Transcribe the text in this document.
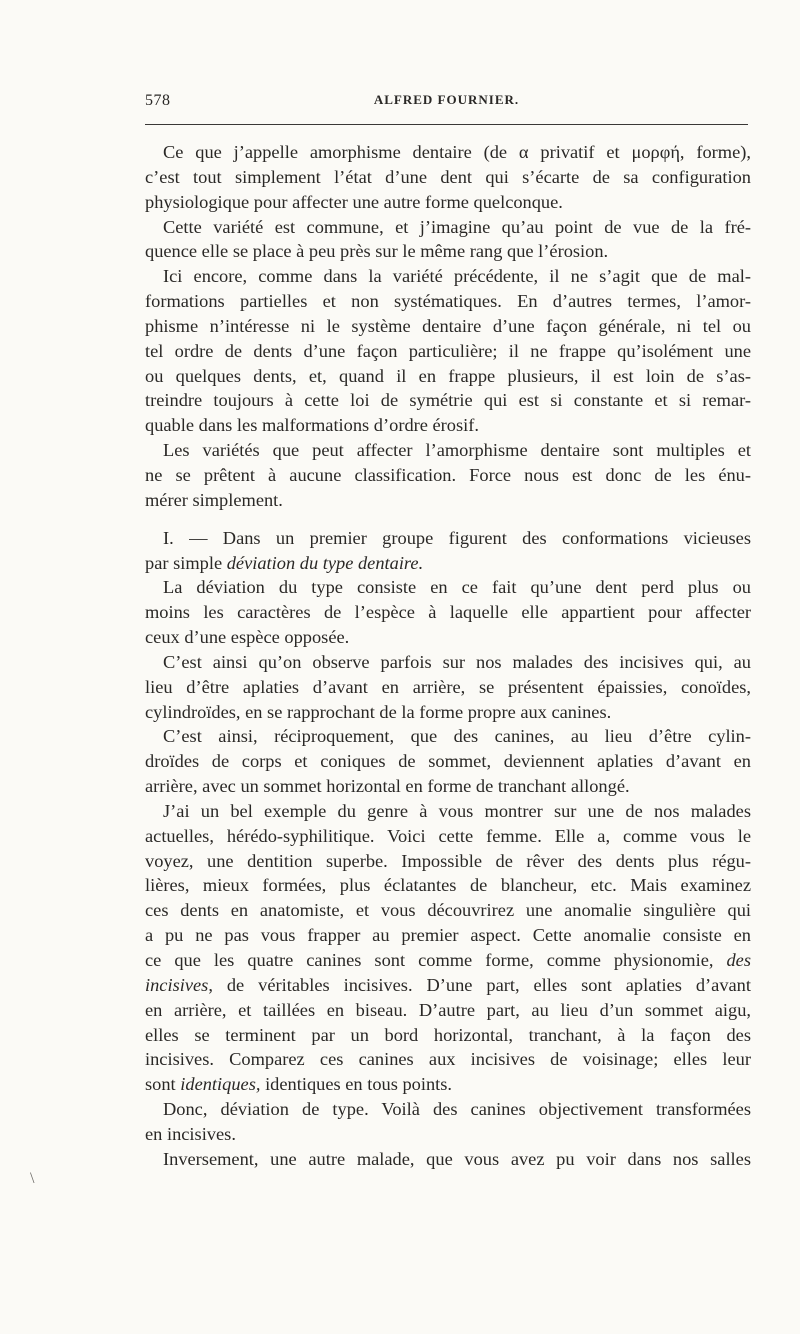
578	ALFRED FOURNIER.
Ce que j’appelle amorphisme dentaire (de α privatif et μορφή, forme),
c’est tout simplement l’état d’une dent qui s’écarte de sa configuration
physiologique pour affecter une autre forme quelconque.
Cette variété est commune, et j’imagine qu’au point de vue de la fré-
quence elle se place à peu près sur le même rang que l’érosion.
Ici encore, comme dans la variété précédente, il ne s’agit que de mal-
formations partielles et non systématiques. En d’autres termes, l’amor-
phisme n’intéresse ni le système dentaire d’une façon générale, ni tel ou
tel ordre de dents d’une façon particulière; il ne frappe qu’isolément une
ou quelques dents, et, quand il en frappe plusieurs, il est loin de s’as-
treindre toujours à cette loi de symétrie qui est si constante et si remar-
quable dans les malformations d’ordre érosif.
Les variétés que peut affecter l’amorphisme dentaire sont multiples et
ne se prêtent à aucune classification. Force nous est donc de les énu-
mérer simplement.
I. — Dans un premier groupe figurent des conformations vicieuses
par simple déviation du type dentaire.
La déviation du type consiste en ce fait qu’une dent perd plus ou
moins les caractères de l’espèce à laquelle elle appartient pour affecter
ceux d’une espèce opposée.
C’est ainsi qu’on observe parfois sur nos malades des incisives qui, au
lieu d’être aplaties d’avant en arrière, se présentent épaissies, conoïdes,
cylindroïdes, en se rapprochant de la forme propre aux canines.
C’est ainsi, réciproquement, que des canines, au lieu d’être cylin-
droïdes de corps et coniques de sommet, deviennent aplaties d’avant en
arrière, avec un sommet horizontal en forme de tranchant allongé.
J’ai un bel exemple du genre à vous montrer sur une de nos malades
actuelles, hérédo-syphilitique. Voici cette femme. Elle a, comme vous le
voyez, une dentition superbe. Impossible de rêver des dents plus régu-
lières, mieux formées, plus éclatantes de blancheur, etc. Mais examinez
ces dents en anatomiste, et vous découvrirez une anomalie singulière qui
a pu ne pas vous frapper au premier aspect. Cette anomalie consiste en
ce que les quatre canines sont comme forme, comme physionomie, des
incisives, de véritables incisives. D’une part, elles sont aplaties d’avant
en arrière, et taillées en biseau. D’autre part, au lieu d’un sommet aigu,
elles se terminent par un bord horizontal, tranchant, à la façon des
incisives. Comparez ces canines aux incisives de voisinage; elles leur
sont identiques, identiques en tous points.
Donc, déviation de type. Voilà des canines objectivement transformées
en incisives.
Inversement, une autre malade, que vous avez pu voir dans nos salles
\
